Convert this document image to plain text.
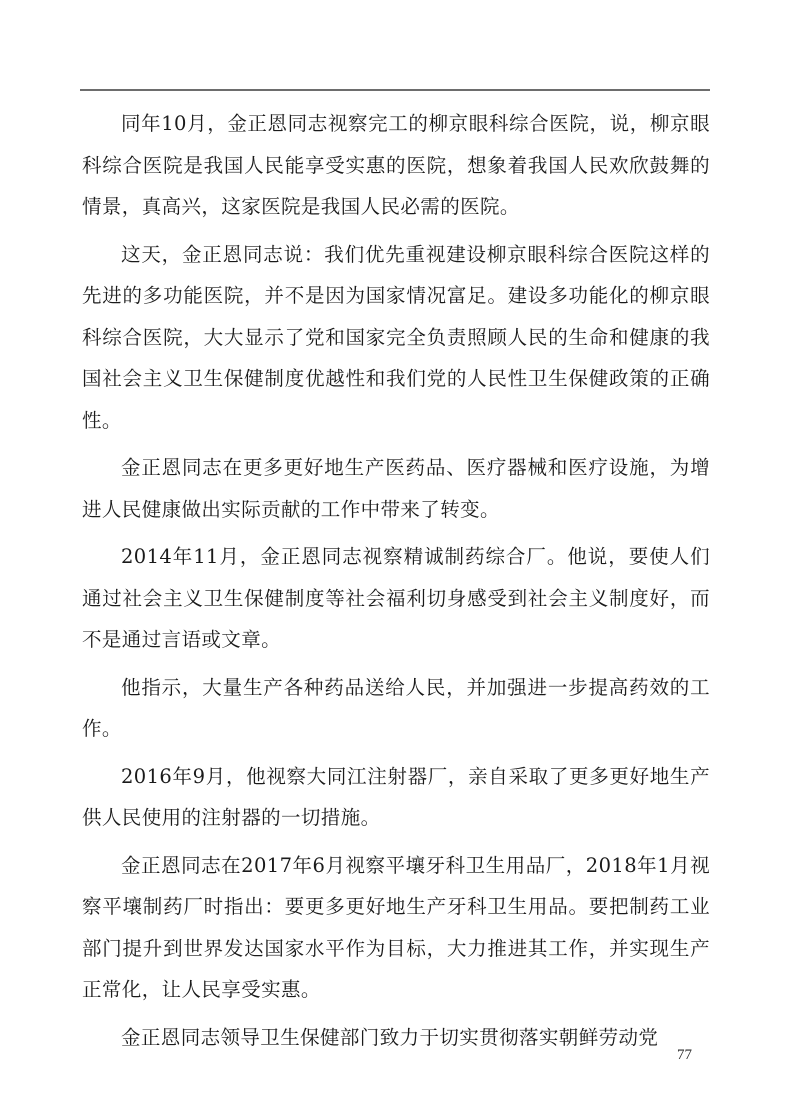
同年10月，金正恩同志视察完工的柳京眼科综合医院，说，柳京眼科综合医院是我国人民能享受实惠的医院，想象着我国人民欢欣鼓舞的情景，真高兴，这家医院是我国人民必需的医院。

这天，金正恩同志说：我们优先重视建设柳京眼科综合医院这样的先进的多功能医院，并不是因为国家情况富足。建设多功能化的柳京眼科综合医院，大大显示了党和国家完全负责照顾人民的生命和健康的我国社会主义卫生保健制度优越性和我们党的人民性卫生保健政策的正确性。

金正恩同志在更多更好地生产医药品、医疗器械和医疗设施，为增进人民健康做出实际贡献的工作中带来了转变。

2014年11月，金正恩同志视察精诚制药综合厂。他说，要使人们通过社会主义卫生保健制度等社会福利切身感受到社会主义制度好，而不是通过言语或文章。

他指示，大量生产各种药品送给人民，并加强进一步提高药效的工作。

2016年9月，他视察大同江注射器厂，亲自采取了更多更好地生产供人民使用的注射器的一切措施。

金正恩同志在2017年6月视察平壤牙科卫生用品厂，2018年1月视察平壤制药厂时指出：要更多更好地生产牙科卫生用品。要把制药工业部门提升到世界发达国家水平作为目标，大力推进其工作，并实现生产正常化，让人民享受实惠。

金正恩同志领导卫生保健部门致力于切实贯彻落实朝鲜劳动党

77
